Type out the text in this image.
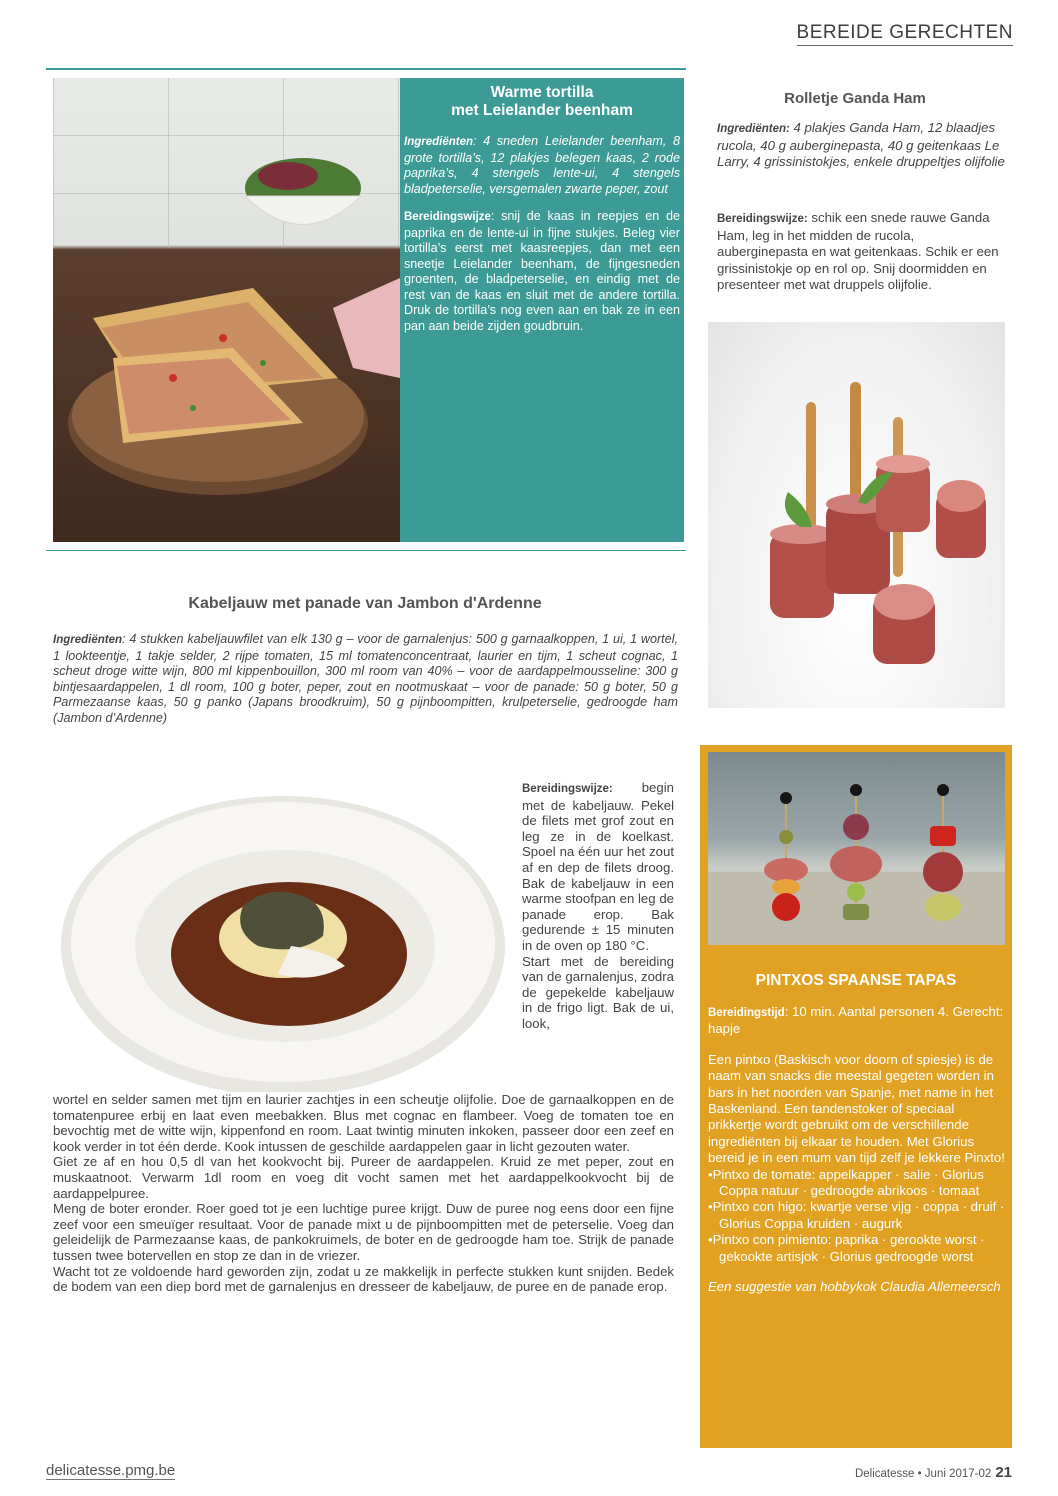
BEREIDE GERECHTEN
Warme tortilla
met Leielander beenham

Ingrediënten: 4 sneden Leielander beenham, 8 grote tortilla’s, 12 plakjes belegen kaas, 2 rode paprika’s, 4 stengels lente-ui, 4 stengels bladpeterselie, versgemalen zwarte peper, zout

Bereidingswijze: snij de kaas in reepjes en de paprika en de lente-ui in fijne stukjes. Beleg vier tortilla’s eerst met kaasreepjes, dan met een sneetje Leielander beenham, de fijngesneden groenten, de bladpeterselie, en eindig met de rest van de kaas en sluit met de andere tortilla. Druk de tortilla’s nog even aan en bak ze in een pan aan beide zijden goudbruin.

Rolletje Ganda Ham
Ingrediënten: 4 plakjes Ganda Ham, 12 blaadjes rucola, 40 g auberginepasta, 40 g geitenkaas Le Larry, 4 grissinistokjes, enkele druppeltjes olijfolie
Bereidingswijze: schik een snede rauwe Ganda Ham, leg in het midden de rucola, auberginepasta en wat geitenkaas. Schik er een grissinistokje op en rol op. Snij doormidden en presenteer met wat druppels olijfolie.
Kabeljauw met panade van Jambon d'Ardenne
Ingrediënten: 4 stukken kabeljauwfilet van elk 130 g – voor de garnalenjus: 500 g garnaalkoppen, 1 ui, 1 wortel, 1 lookteentje, 1 takje selder, 2 rijpe tomaten, 15 ml tomatenconcentraat, laurier en tijm, 1 scheut cognac, 1 scheut droge witte wijn, 800 ml kippenbouillon, 300 ml room van 40% – voor de aardappelmousseline: 300 g bintjesaardappelen, 1 dl room, 100 g boter, peper, zout en nootmuskaat – voor de panade: 50 g boter, 50 g Parmezaanse kaas, 50 g panko (Japans broodkruim), 50 g pijnboompitten, krulpeterselie, gedroogde ham (Jambon d’Ardenne)

Bereidingswijze: begin met de kabeljauw. Pekel de filets met grof zout en leg ze in de koelkast. Spoel na één uur het zout af en dep de filets droog. Bak de kabeljauw in een warme stoofpan en leg de panade erop. Bak gedurende ± 15 minuten in de oven op 180 °C.

Start met de bereiding van de garnalenjus, zodra de gepekelde kabeljauw in de frigo ligt. Bak de ui, look,

wortel en selder samen met tijm en laurier zachtjes in een scheutje olijfolie. Doe de garnaalkoppen en de tomatenpuree erbij en laat even meebakken. Blus met cognac en flambeer. Voeg de tomaten toe en bevochtig met de witte wijn, kippenfond en room. Laat twintig minuten inkoken, passeer door een zeef en kook verder in tot één derde. Kook intussen de geschilde aardappelen gaar in licht gezouten water.

Giet ze af en hou 0,5 dl van het kookvocht bij. Pureer de aardappelen. Kruid ze met peper, zout en muskaatnoot. Verwarm 1dl room en voeg dit vocht samen met het aardappelkookvocht bij de aardappelpuree.

Meng de boter eronder. Roer goed tot je een luchtige puree krijgt. Duw de puree nog eens door een fijne zeef voor een smeuïger resultaat. Voor de panade mixt u de pijnboompitten met de peterselie. Voeg dan geleidelijk de Parmezaanse kaas, de pankokruimels, de boter en de gedroogde ham toe. Strijk de panade tussen twee botervellen en stop ze dan in de vriezer.

Wacht tot ze voldoende hard geworden zijn, zodat u ze makkelijk in perfecte stukken kunt snijden. Bedek de bodem van een diep bord met de garnalenjus en dresseer de kabeljauw, de puree en de panade erop.

PINTXOS SPAANSE TAPAS

Bereidingstijd: 10 min. Aantal personen 4. Gerecht: hapje

Een pintxo (Baskisch voor doorn of spiesje) is de naam van snacks die meestal gegeten worden in bars in het noorden van Spanje, met name in het Baskenland. Een tandenstoker of speciaal prikkertje wordt gebruikt om de verschillende ingrediënten bij elkaar te houden. Met Glorius bereid je in een mum van tijd zelf je lekkere Pinxto!

•Pintxo de tomate: appelkapper · salie · Glorius Coppa natuur · gedroogde abrikoos · tomaat
•Pintxo con higo: kwartje verse vijg · coppa · druif · Glorius Coppa kruiden · augurk
•Pintxo con pimiento: paprika · gerookte worst · gekookte artisjok · Glorius gedroogde worst

Een suggestie van hobbykok Claudia Allemeersch

delicatesse.pmg.be	Delicatesse • Juni 2017-02 21
